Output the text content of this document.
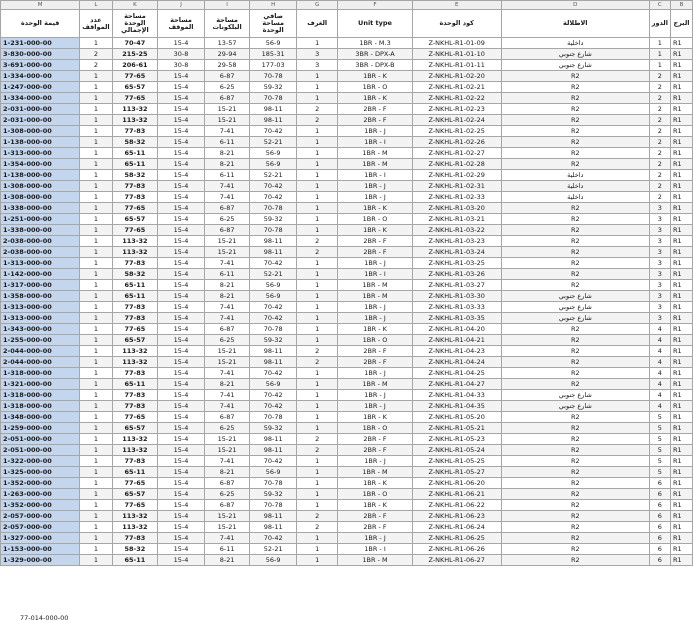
M	L	K	J	I	H	G	F	E	D	C	B
قيمة الوحدة	عدد المواقف	مساحة الوحدة الإجمالي	مساحة الموقف	مساحة البلكونات	صافي مساحة الوحدة	الغرف	Unit type	كود الوحدة	الاطلالة	الدور	البرج
1-231-000-00	1	70-47	15-4	13-57	56-9	1	1BR - M.3	Z-NKHL-R1-01-09	داخلية	1	R1
3-830-000-00	2	215-25	30-8	29-94	185-31	3	3BR - DPX-A	Z-NKHL-R1-01-10	شارع جنوبي	1	R1
3-691-000-00	2	206-61	30-8	29-58	177-03	3	3BR - DPX-B	Z-NKHL-R1-01-11	شارع جنوبي	1	R1
1-334-000-00	1	77-65	15-4	6-87	70-78	1	1BR - K	Z-NKHL-R1-02-20	R2	2	R1
1-247-000-00	1	65-57	15-4	6-25	59-32	1	1BR - O	Z-NKHL-R1-02-21	R2	2	R1
1-334-000-00	1	77-65	15-4	6-87	70-78	1	1BR - K	Z-NKHL-R1-02-22	R2	2	R1
2-031-000-00	1	113-32	15-4	15-21	98-11	2	2BR - F	Z-NKHL-R1-02-23	R2	2	R1
2-031-000-00	1	113-32	15-4	15-21	98-11	2	2BR - F	Z-NKHL-R1-02-24	R2	2	R1
1-308-000-00	1	77-83	15-4	7-41	70-42	1	1BR - J	Z-NKHL-R1-02-25	R2	2	R1
1-138-000-00	1	58-32	15-4	6-11	52-21	1	1BR - I	Z-NKHL-R1-02-26	R2	2	R1
1-313-000-00	1	65-11	15-4	8-21	56-9	1	1BR - M	Z-NKHL-R1-02-27	R2	2	R1
1-354-000-00	1	65-11	15-4	8-21	56-9	1	1BR - M	Z-NKHL-R1-02-28	R2	2	R1
1-138-000-00	1	58-32	15-4	6-11	52-21	1	1BR - I	Z-NKHL-R1-02-29	داخلية	2	R1
1-308-000-00	1	77-83	15-4	7-41	70-42	1	1BR - J	Z-NKHL-R1-02-31	داخلية	2	R1
1-308-000-00	1	77-83	15-4	7-41	70-42	1	1BR - J	Z-NKHL-R1-02-33	داخلية	2	R1
1-338-000-00	1	77-65	15-4	6-87	70-78	1	1BR - K	Z-NKHL-R1-03-20	R2	3	R1
1-251-000-00	1	65-57	15-4	6-25	59-32	1	1BR - O	Z-NKHL-R1-03-21	R2	3	R1
1-338-000-00	1	77-65	15-4	6-87	70-78	1	1BR - K	Z-NKHL-R1-03-22	R2	3	R1
2-038-000-00	1	113-32	15-4	15-21	98-11	2	2BR - F	Z-NKHL-R1-03-23	R2	3	R1
2-038-000-00	1	113-32	15-4	15-21	98-11	2	2BR - F	Z-NKHL-R1-03-24	R2	3	R1
1-313-000-00	1	77-83	15-4	7-41	70-42	1	1BR - J	Z-NKHL-R1-03-25	R2	3	R1
1-142-000-00	1	58-32	15-4	6-11	52-21	1	1BR - I	Z-NKHL-R1-03-26	R2	3	R1
1-317-000-00	1	65-11	15-4	8-21	56-9	1	1BR - M	Z-NKHL-R1-03-27	R2	3	R1
1-358-000-00	1	65-11	15-4	8-21	56-9	1	1BR - M	Z-NKHL-R1-03-30	شارع جنوبي	3	R1
1-313-000-00	1	77-83	15-4	7-41	70-42	1	1BR - J	Z-NKHL-R1-03-33	شارع جنوبي	3	R1
1-313-000-00	1	77-83	15-4	7-41	70-42	1	1BR - J	Z-NKHL-R1-03-35	شارع جنوبي	3	R1
1-343-000-00	1	77-65	15-4	6-87	70-78	1	1BR - K	Z-NKHL-R1-04-20	R2	4	R1
1-255-000-00	1	65-57	15-4	6-25	59-32	1	1BR - O	Z-NKHL-R1-04-21	R2	4	R1
2-044-000-00	1	113-32	15-4	15-21	98-11	2	2BR - F	Z-NKHL-R1-04-23	R2	4	R1
2-044-000-00	1	113-32	15-4	15-21	98-11	2	2BR - F	Z-NKHL-R1-04-24	R2	4	R1
1-318-000-00	1	77-83	15-4	7-41	70-42	1	1BR - J	Z-NKHL-R1-04-25	R2	4	R1
1-321-000-00	1	65-11	15-4	8-21	56-9	1	1BR - M	Z-NKHL-R1-04-27	R2	4	R1
1-318-000-00	1	77-83	15-4	7-41	70-42	1	1BR - J	Z-NKHL-R1-04-33	شارع جنوبي	4	R1
1-318-000-00	1	77-83	15-4	7-41	70-42	1	1BR - J	Z-NKHL-R1-04-35	شارع جنوبي	4	R1
1-348-000-00	1	77-65	15-4	6-87	70-78	1	1BR - K	Z-NKHL-R1-05-20	R2	5	R1
1-259-000-00	1	65-57	15-4	6-25	59-32	1	1BR - O	Z-NKHL-R1-05-21	R2	5	R1
2-051-000-00	1	113-32	15-4	15-21	98-11	2	2BR - F	Z-NKHL-R1-05-23	R2	5	R1
2-051-000-00	1	113-32	15-4	15-21	98-11	2	2BR - F	Z-NKHL-R1-05-24	R2	5	R1
1-322-000-00	1	77-83	15-4	7-41	70-42	1	1BR - J	Z-NKHL-R1-05-25	R2	5	R1
1-325-000-00	1	65-11	15-4	8-21	56-9	1	1BR - M	Z-NKHL-R1-05-27	R2	5	R1
1-352-000-00	1	77-65	15-4	6-87	70-78	1	1BR - K	Z-NKHL-R1-06-20	R2	6	R1
1-263-000-00	1	65-57	15-4	6-25	59-32	1	1BR - O	Z-NKHL-R1-06-21	R2	6	R1
1-352-000-00	1	77-65	15-4	6-87	70-78	1	1BR - K	Z-NKHL-R1-06-22	R2	6	R1
2-057-000-00	1	113-32	15-4	15-21	98-11	2	2BR - F	Z-NKHL-R1-06-23	R2	6	R1
2-057-000-00	1	113-32	15-4	15-21	98-11	2	2BR - F	Z-NKHL-R1-06-24	R2	6	R1
1-327-000-00	1	77-83	15-4	7-41	70-42	1	1BR - J	Z-NKHL-R1-06-25	R2	6	R1
1-153-000-00	1	58-32	15-4	6-11	52-21	1	1BR - I	Z-NKHL-R1-06-26	R2	6	R1
1-329-000-00	1	65-11	15-4	8-21	56-9	1	1BR - M	Z-NKHL-R1-06-27	R2	6	R1
77-014-000-00
